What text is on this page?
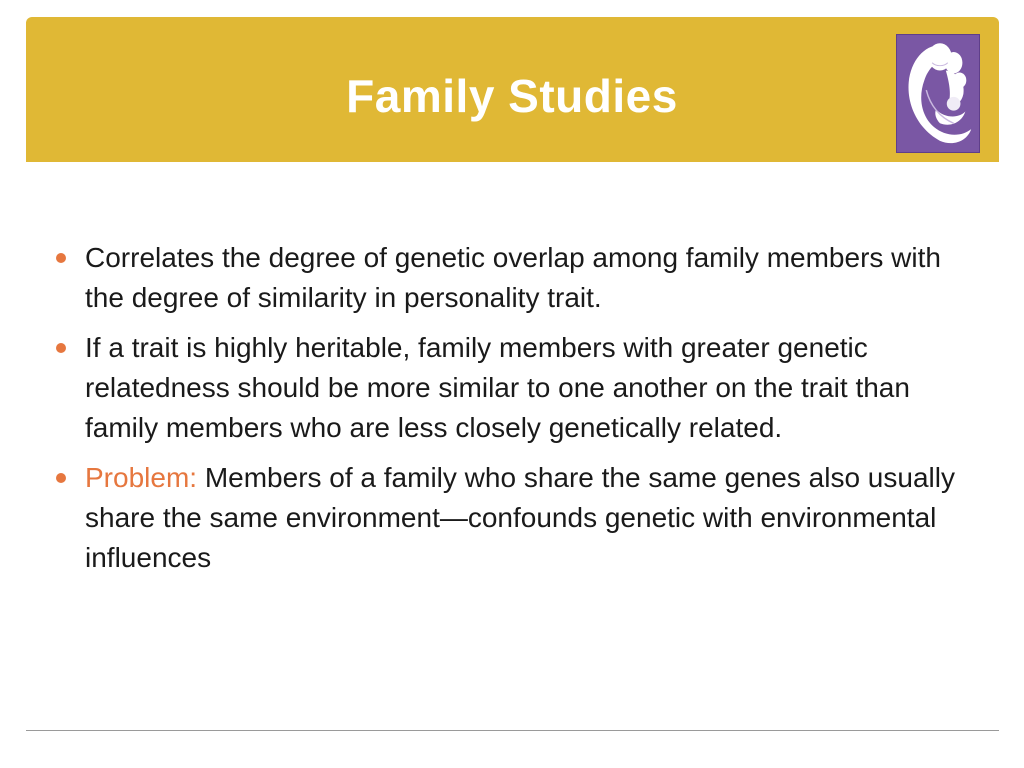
Family Studies
Correlates the degree of genetic overlap among family members with the degree of similarity in personality trait.
If a trait is highly heritable, family members with greater genetic relatedness should be more similar to one another on the trait than family members who are less closely genetically related.
Problem: Members of a family who share the same genes also usually share the same environment—confounds genetic with environmental influences
